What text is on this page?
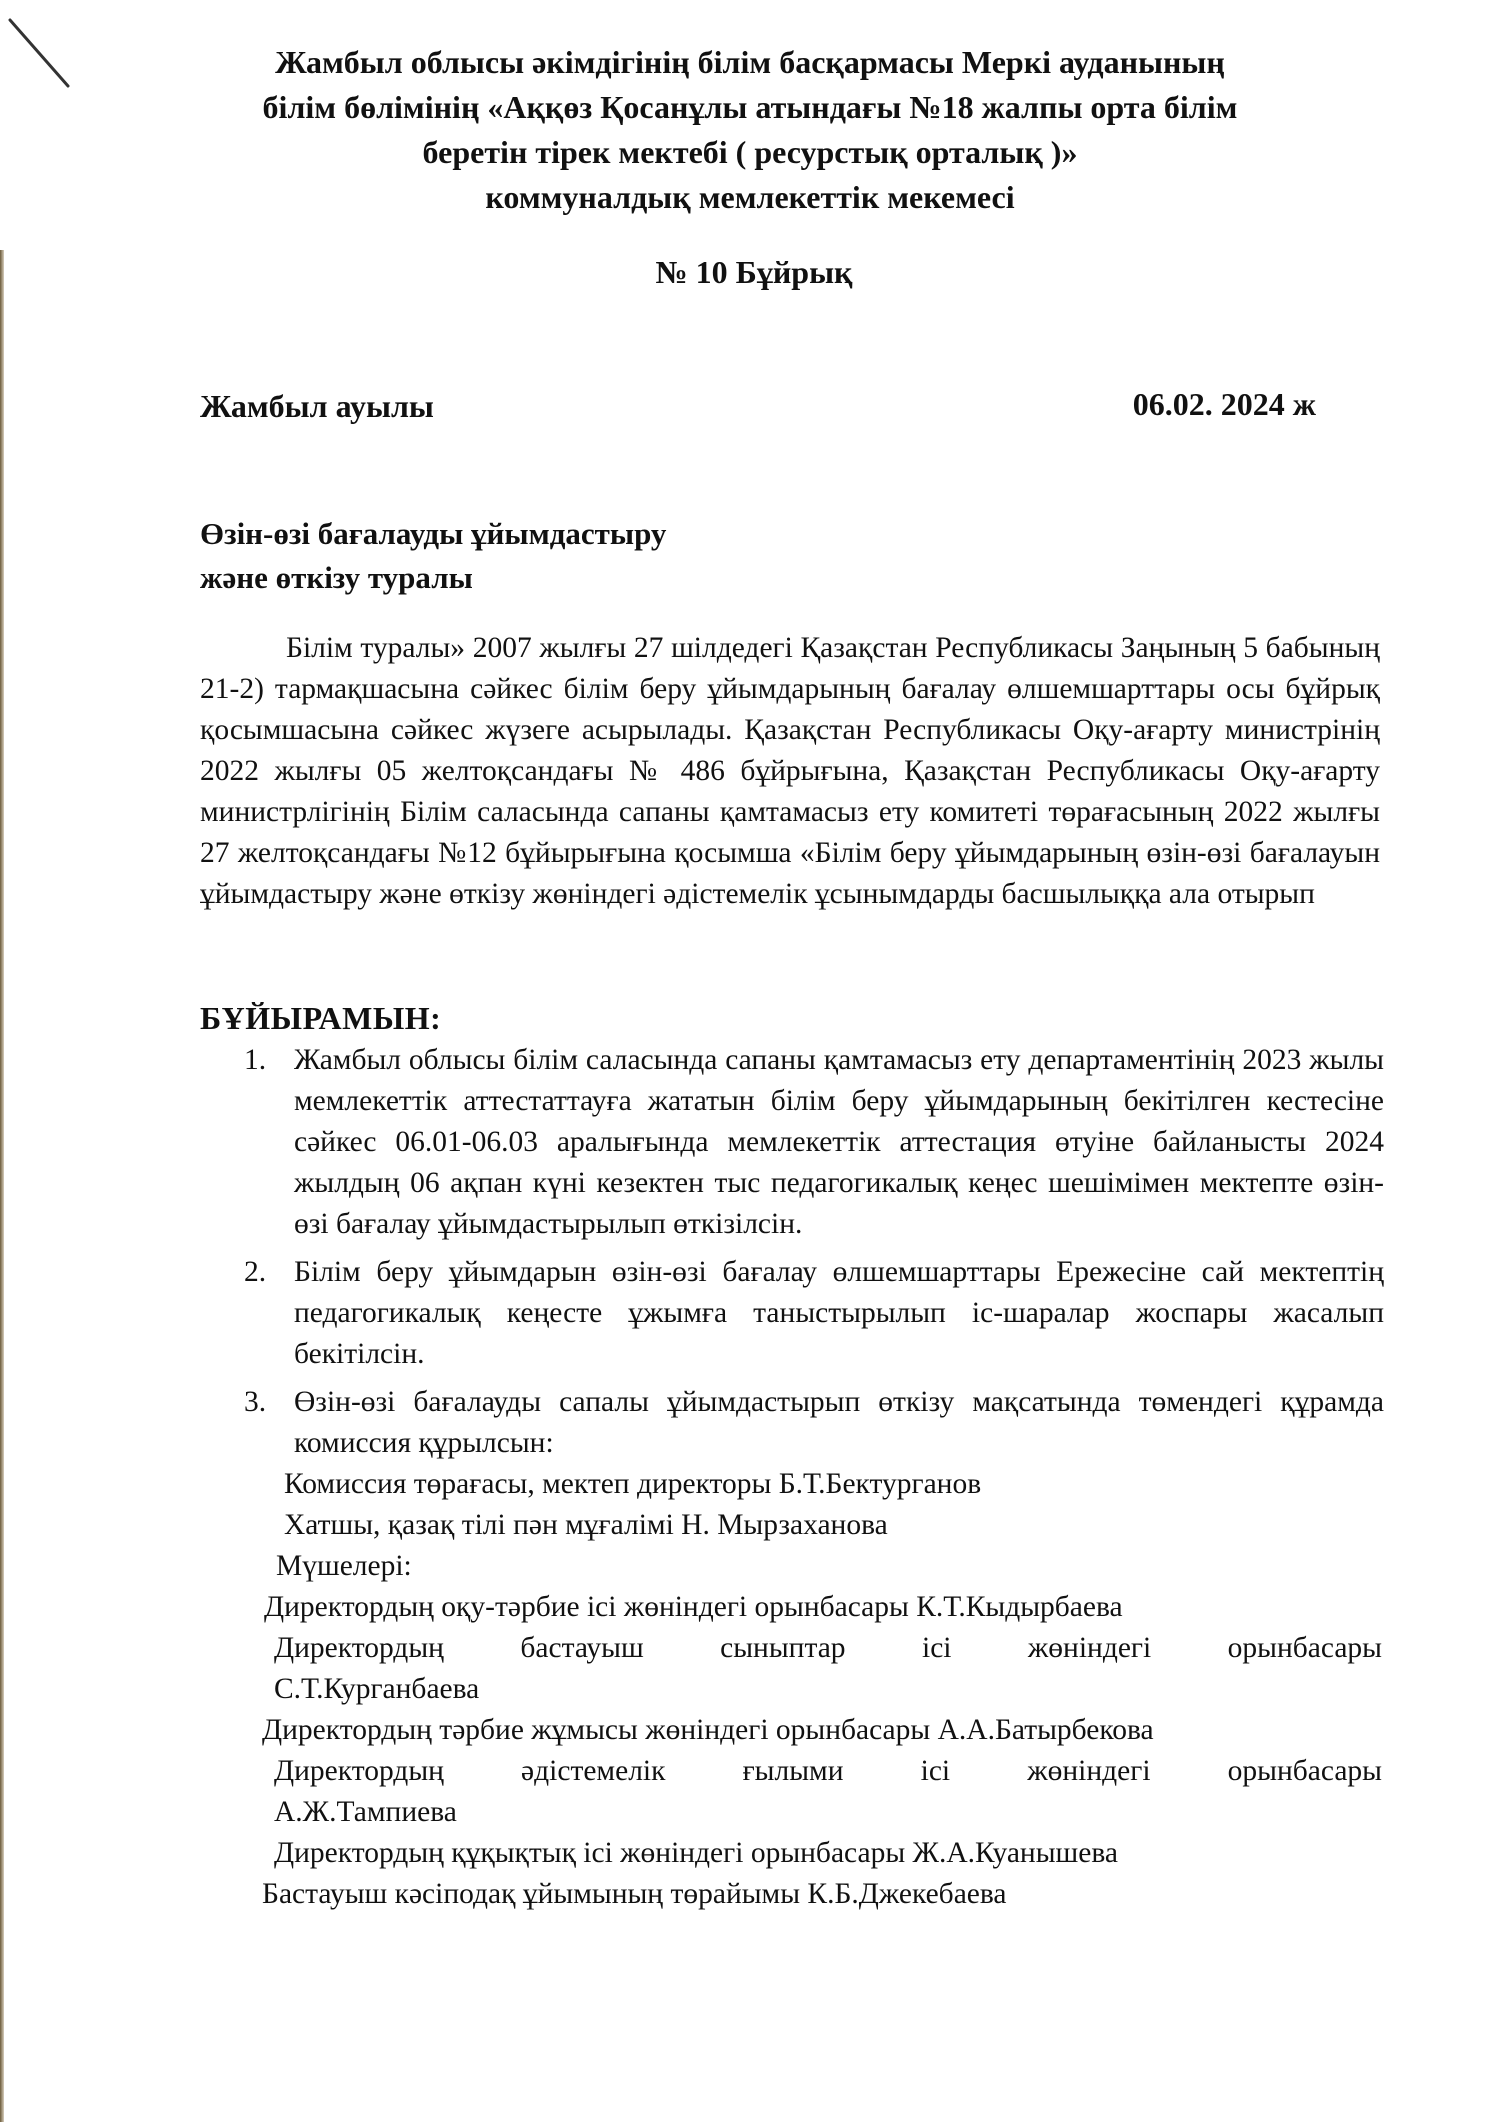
Жамбыл облысы әкімдігінің білім басқармасы Меркі ауданының
білім бөлімінің «Аққөз Қосанұлы атындағы №18 жалпы орта білім
беретін тірек мектебі ( ресурстық орталық )»
коммуналдық мемлекеттік мекемесі
№ 10 Бұйрық
Жамбыл ауылы	06.02. 2024 ж
Өзін-өзі бағалауды ұйымдастыру
және өткізу туралы

Білім туралы» 2007 жылғы 27 шілдедегі Қазақстан Республикасы Заңының 5 бабының 21-2) тармақшасына сәйкес білім беру ұйымдарының бағалау өлшемшарттары осы бұйрық қосымшасына сәйкес жүзеге асырылады. Қазақстан Республикасы Оқу-ағарту министрінің 2022 жылғы 05 желтоқсандағы № 486 бұйрығына, Қазақстан Республикасы Оқу-ағарту министрлігінің Білім саласында сапаны қамтамасыз ету комитеті төрағасының 2022 жылғы 27 желтоқсандағы №12 бұйырығына қосымша «Білім беру ұйымдарының өзін-өзі бағалауын ұйымдастыру және өткізу жөніндегі әдістемелік ұсынымдарды басшылыққа ала отырып

БҰЙЫРАМЫН:
1. Жамбыл облысы білім саласында сапаны қамтамасыз ету департаментінің 2023 жылы мемлекеттік аттестаттауға жататын білім беру ұйымдарының бекітілген кестесіне сәйкес 06.01-06.03 аралығында мемлекеттік аттестация өтуіне байланысты 2024 жылдың 06 ақпан күні кезектен тыс педагогикалық кеңес шешімімен мектепте өзін-өзі бағалау ұйымдастырылып өткізілсін.
2. Білім беру ұйымдарын өзін-өзі бағалау өлшемшарттары Ережесіне сай мектептің педагогикалық кеңесте ұжымға таныстырылып іс-шаралар жоспары жасалып бекітілсін.
3. Өзін-өзі бағалауды сапалы ұйымдастырып өткізу мақсатында төмендегі құрамда комиссия құрылсын:
Комиссия төрағасы, мектеп директоры Б.Т.Бектурганов
Хатшы, қазақ тілі пән мұғалімі Н. Мырзаханова
Мүшелері:
Директордың оқу-тәрбие ісі жөніндегі орынбасары К.Т.Кыдырбаева
Директордың бастауыш сыныптар ісі жөніндегі орынбасары
С.Т.Курганбаева
Директордың тәрбие жұмысы жөніндегі орынбасары А.А.Батырбекова
Директордың әдістемелік ғылыми ісі жөніндегі орынбасары
А.Ж.Тампиева
Директордың құқықтық ісі жөніндегі орынбасары Ж.А.Куанышева
Бастауыш кәсіподақ ұйымының төрайымы К.Б.Джекебаева
